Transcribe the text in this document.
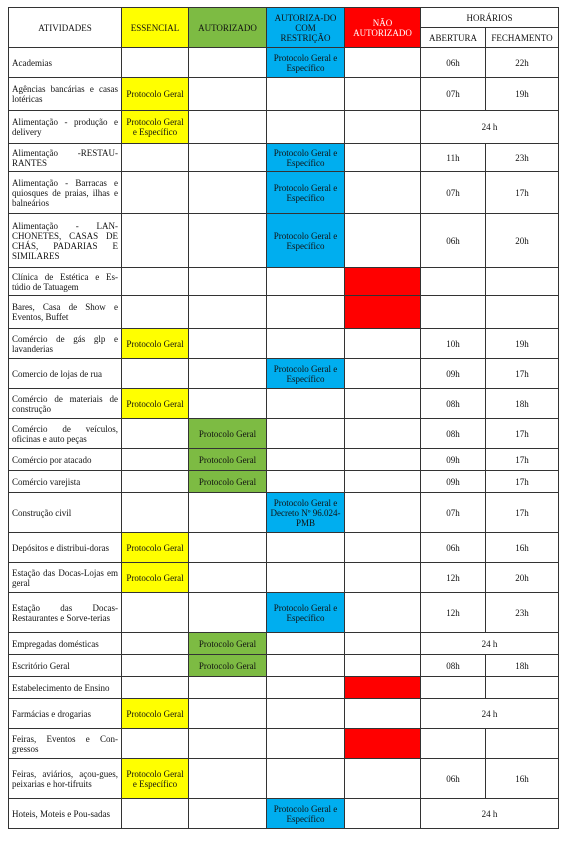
ATIVIDADES	ESSENCIAL	AUTORIZADO	AUTORIZA-DO COM RESTRIÇÃO	NÃO AUTORIZADO	HORÁRIOS	
					ABERTURA	FECHAMENTO
Academias			Protocolo Geral e Específico		06h	22h
Agências bancárias e casas lotéricas	Protocolo Geral				07h	19h
Alimentação - produção e delivery	Protocolo Geral e Específico				24 h	
Alimentação -RESTAU-RANTES			Protocolo Geral e Específico		11h	23h
Alimentação - Barracas e quiosques de praias, ilhas e balneários			Protocolo Geral e Específico		07h	17h
Alimentação - LAN-CHONETES, CASAS DE CHÁS, PADARIAS E SIMILARES			Protocolo Geral e Específico		06h	20h
Clínica de Estética e Es-túdio de Tatuagem						
Bares, Casa de Show e Eventos, Buffet						
Comércio de gás glp e lavanderias	Protocolo Geral				10h	19h
Comercio de lojas de rua			Protocolo Geral e Específico		09h	17h
Comércio de materiais de construção	Protocolo Geral				08h	18h
Comércio de veículos, oficinas e auto peças		Protocolo Geral			08h	17h
Comércio por atacado		Protocolo Geral			09h	17h
Comércio varejista		Protocolo Geral			09h	17h
Construção civil			Protocolo Geral e Decreto Nº 96.024-PMB		07h	17h
Depósitos e distribui-doras	Protocolo Geral				06h	16h
Estação das Docas-Lojas em geral	Protocolo Geral				12h	20h
Estação das Docas-Restaurantes e Sorve-terias			Protocolo Geral e Específico		12h	23h
Empregadas domésticas		Protocolo Geral			24 h	
Escritório Geral		Protocolo Geral			08h	18h
Estabelecimento de Ensino						
Farmácias e drogarias	Protocolo Geral				24 h	
Feiras, Eventos e Con-gressos						
Feiras, aviários, açou-gues, peixarias e hor-tifruits	Protocolo Geral e Específico				06h	16h
Hoteis, Moteis e Pou-sadas			Protocolo Geral e Específico		24 h	
